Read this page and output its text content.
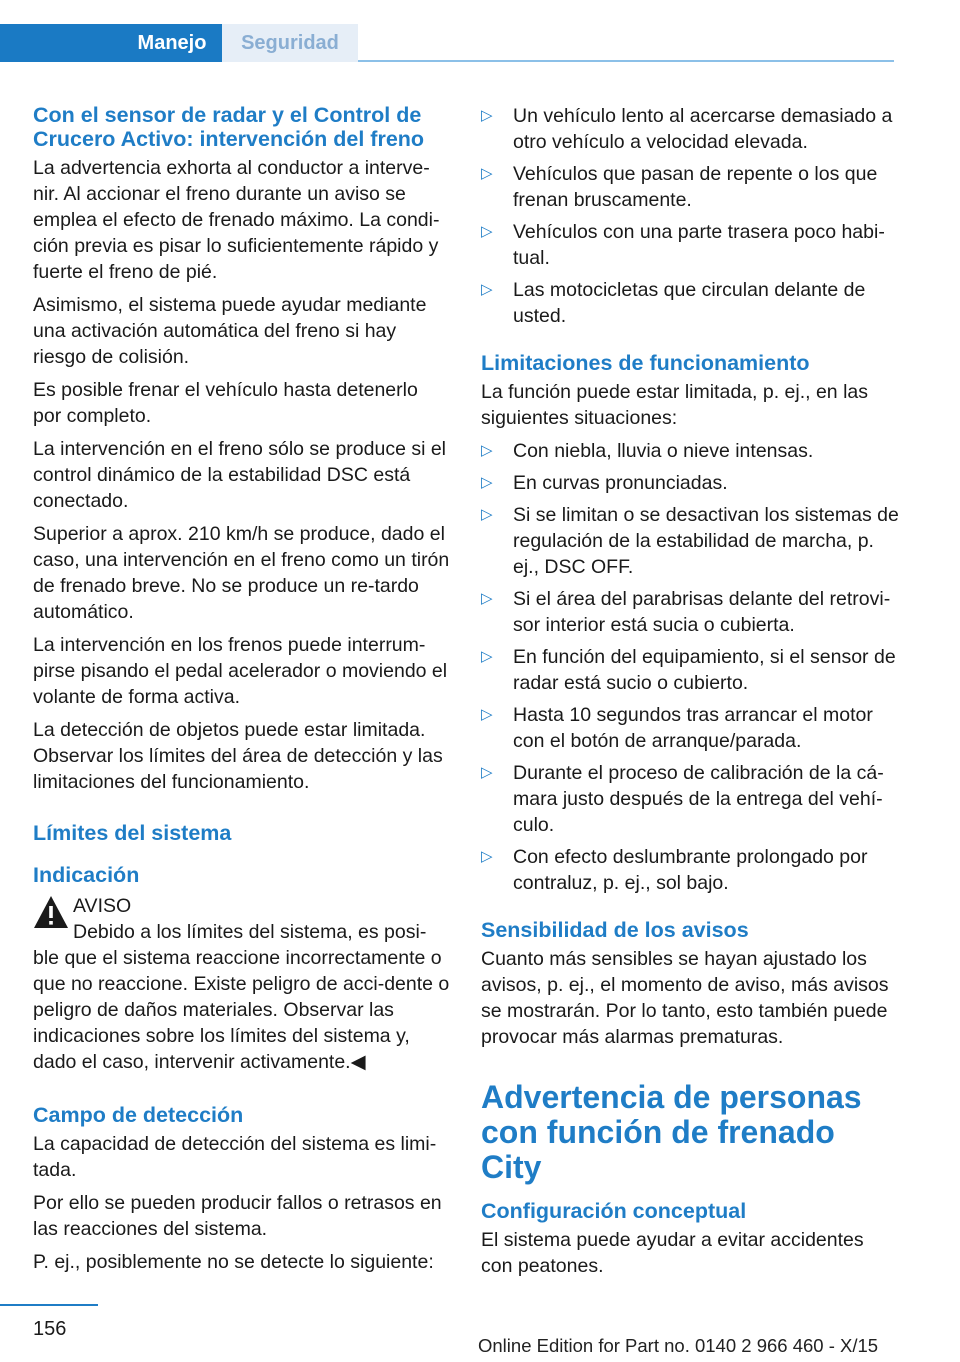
Manejo	Seguridad
Con el sensor de radar y el Control de Crucero Activo: intervención del freno

La advertencia exhorta al conductor a interve‐nir. Al accionar el freno durante un aviso se emplea el efecto de frenado máximo. La condi‐ción previa es pisar lo suficientemente rápido y fuerte el freno de pié.

Asimismo, el sistema puede ayudar mediante una activación automática del freno si hay riesgo de colisión.

Es posible frenar el vehículo hasta detenerlo por completo.

La intervención en el freno sólo se produce si el control dinámico de la estabilidad DSC está conectado.

Superior a aprox. 210 km/h se produce, dado el caso, una intervención en el freno como un tirón de frenado breve. No se produce un re‐tardo automático.

La intervención en los frenos puede interrum‐pirse pisando el pedal acelerador o moviendo el volante de forma activa.

La detección de objetos puede estar limitada. Observar los límites del área de detección y las limitaciones del funcionamiento.

Límites del sistema
Indicación
AVISO
Debido a los límites del sistema, es posi‐ble que el sistema reaccione incorrectamente o que no reaccione. Existe peligro de acci‐dente o peligro de daños materiales. Observar las indicaciones sobre los límites del sistema y, dado el caso, intervenir activamente.◀
Campo de detección

La capacidad de detección del sistema es limi‐tada.

Por ello se pueden producir fallos o retrasos en las reacciones del sistema.

P. ej., posiblemente no se detecte lo siguiente:

▷ Un vehículo lento al acercarse demasiado a otro vehículo a velocidad elevada.
▷ Vehículos que pasan de repente o los que frenan bruscamente.
▷ Vehículos con una parte trasera poco habi‐tual.
▷ Las motocicletas que circulan delante de usted.
Limitaciones de funcionamiento

La función puede estar limitada, p. ej., en las siguientes situaciones:

▷ Con niebla, lluvia o nieve intensas.
▷ En curvas pronunciadas.
▷ Si se limitan o se desactivan los sistemas de regulación de la estabilidad de marcha, p. ej., DSC OFF.
▷ Si el área del parabrisas delante del retrovi‐sor interior está sucia o cubierta.
▷ En función del equipamiento, si el sensor de radar está sucio o cubierto.
▷ Hasta 10 segundos tras arrancar el motor con el botón de arranque/parada.
▷ Durante el proceso de calibración de la cá‐mara justo después de la entrega del vehí‐culo.
▷ Con efecto deslumbrante prolongado por contraluz, p. ej., sol bajo.
Sensibilidad de los avisos

Cuanto más sensibles se hayan ajustado los avisos, p. ej., el momento de aviso, más avisos se mostrarán. Por lo tanto, esto también puede provocar más alarmas prematuras.

Advertencia de personas con función de frenado City
Configuración conceptual

El sistema puede ayudar a evitar accidentes con peatones.

156
Online Edition for Part no. 0140 2 966 460 - X/15
